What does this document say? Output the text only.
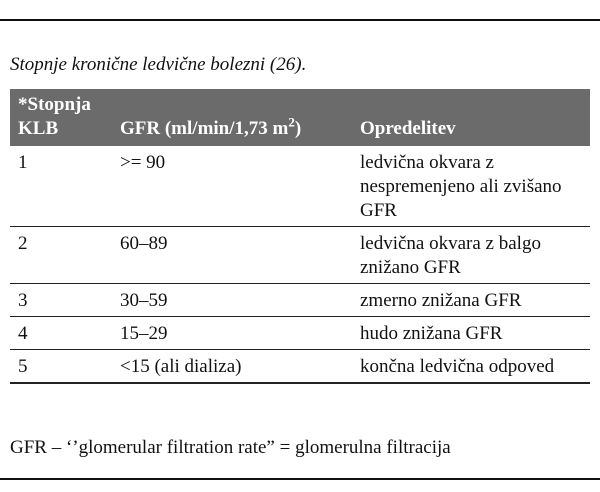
Stopnje kronične ledvične bolezni (26).
*Stopnja
KLB	GFR (ml/min/1,73 $m^2$)	Opredelitev
1	>= 90	ledvična okvara z nespremenjeno ali zvišano GFR
2	60–89	ledvična okvara z balgo znižano GFR
3	30–59	zmerno znižana GFR
4	15–29	hudo znižana GFR
5	<15 (ali dializa)	končna ledvična odpoved
GFR – ‘’glomerular filtration rate” = glomerulna filtracija
